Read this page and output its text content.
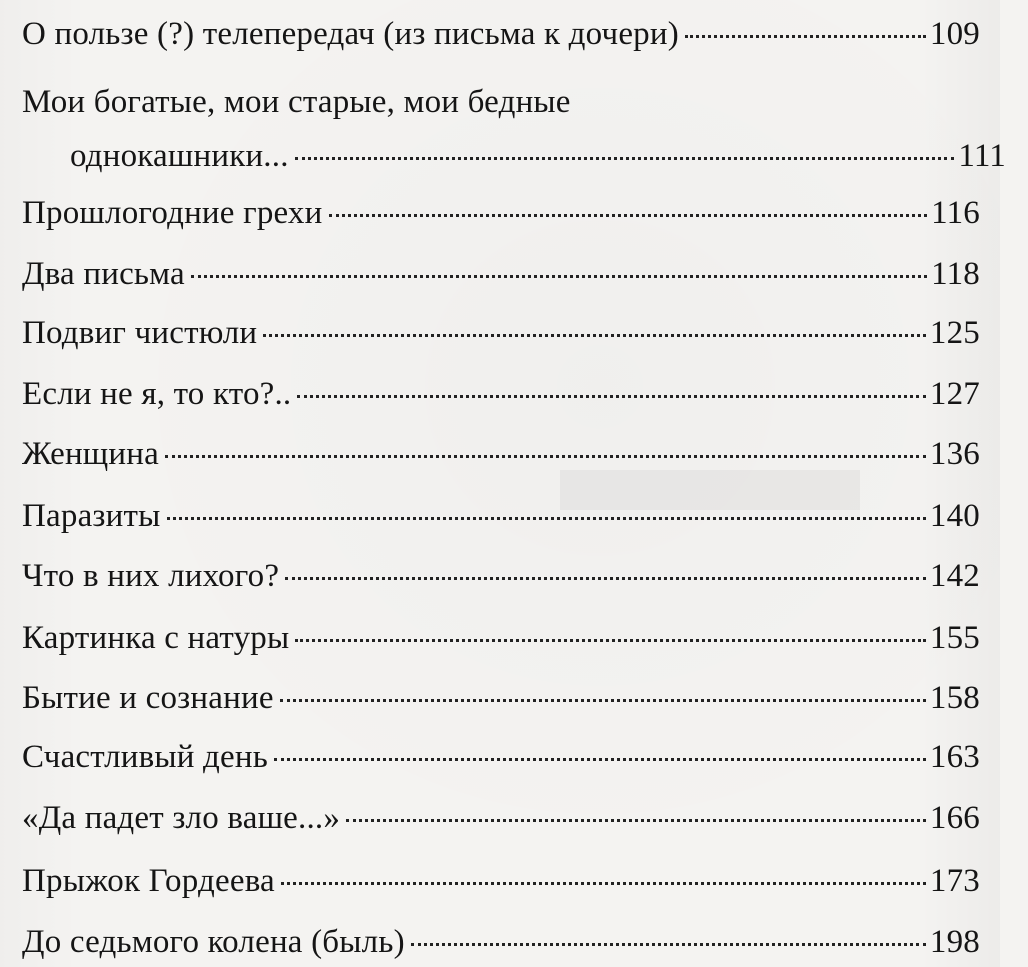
О пользе (?) телепередач (из письма к дочери)	109
Мои богатые, мои старые, мои бедные
однокашники...	111
Прошлогодние грехи	116
Два письма	118
Подвиг чистюли	125
Если не я, то кто?..	127
Женщина	136
Паразиты	140
Что в них лихого?	142
Картинка с натуры	155
Бытие и сознание	158
Счастливый день	163
«Да падет зло ваше...»	166
Прыжок Гордеева	173
До седьмого колена (быль)	198
